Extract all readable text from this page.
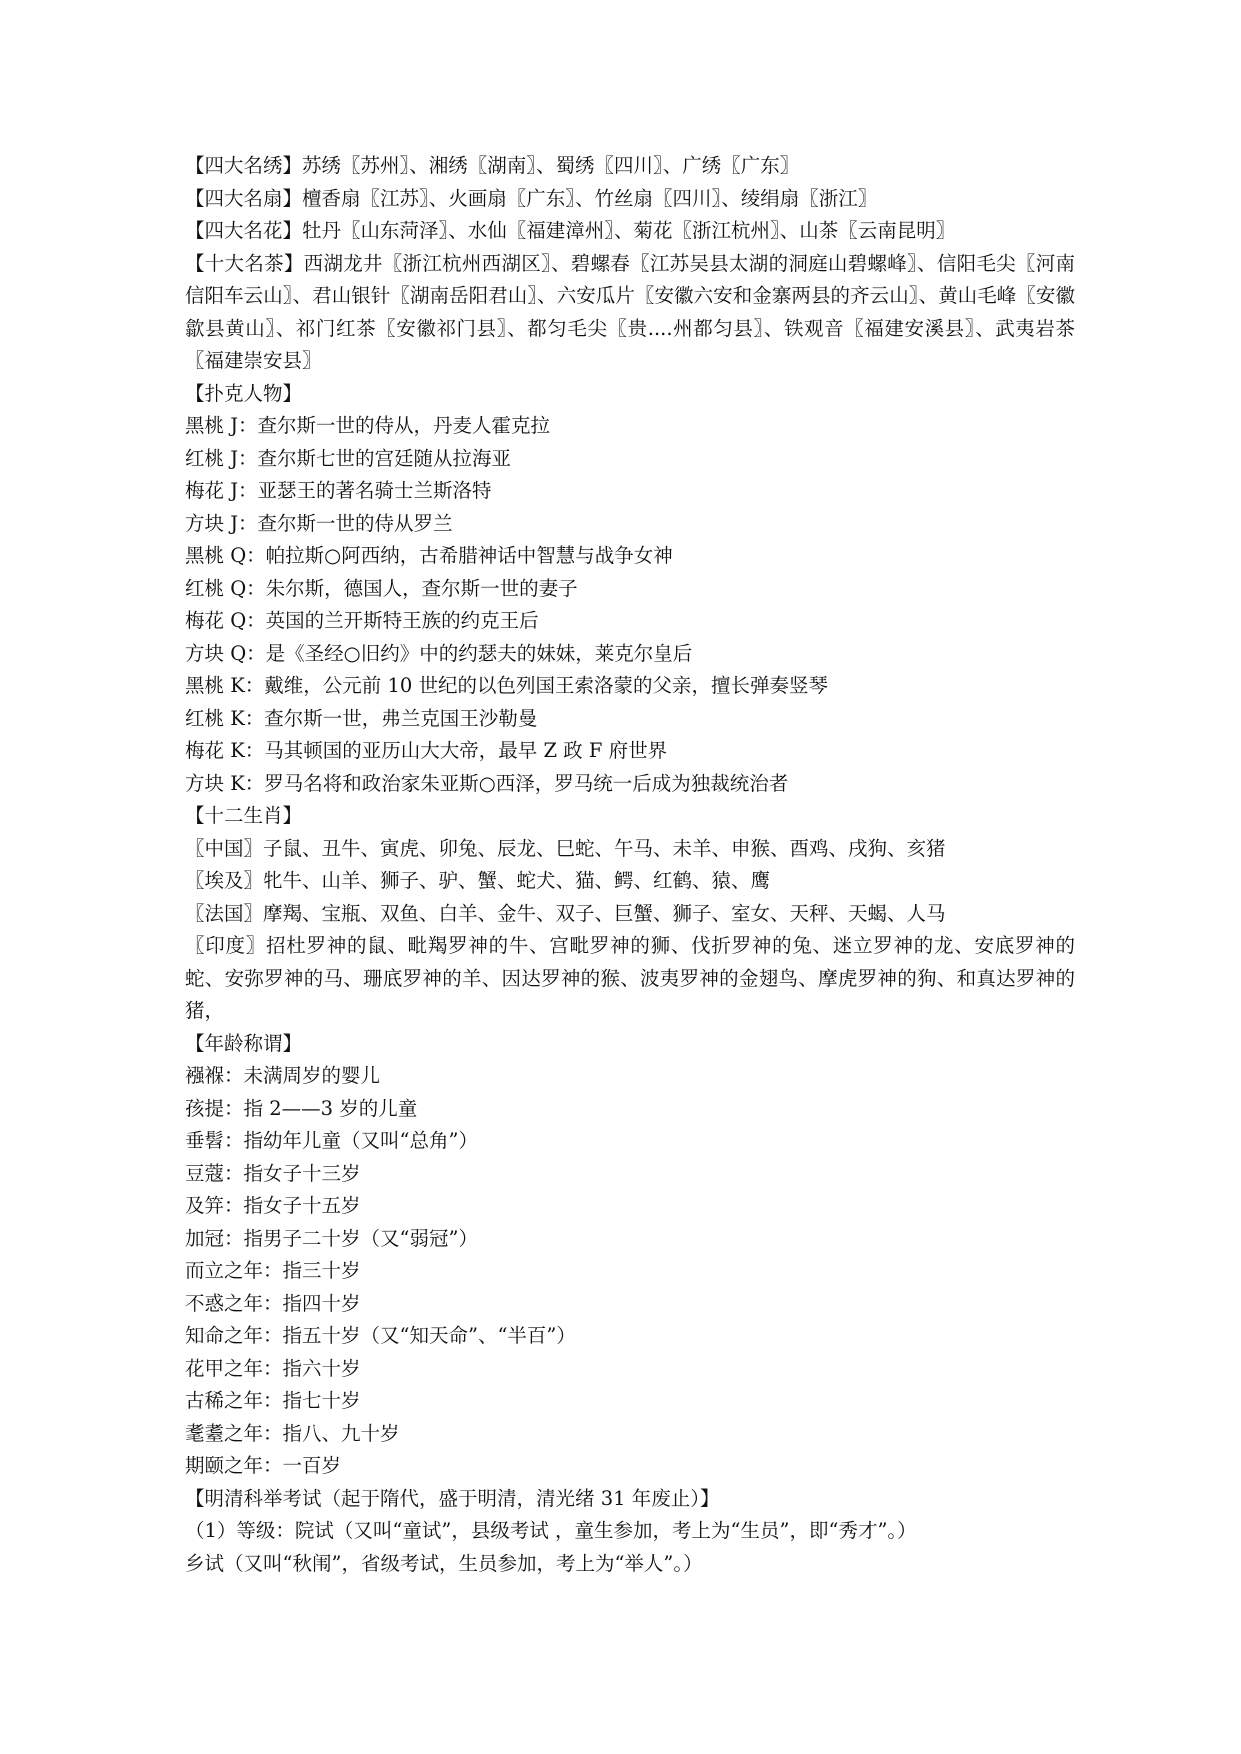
【四大名绣】苏绣〖苏州〗、湘绣〖湖南〗、蜀绣〖四川〗、广绣〖广东〗
【四大名扇】檀香扇〖江苏〗、火画扇〖广东〗、竹丝扇〖四川〗、绫绢扇〖浙江〗
【四大名花】牡丹〖山东菏泽〗、水仙〖福建漳州〗、菊花〖浙江杭州〗、山茶〖云南昆明〗
【十大名茶】西湖龙井〖浙江杭州西湖区〗、碧螺春〖江苏吴县太湖的洞庭山碧螺峰〗、信阳毛尖〖河南信阳车云山〗、君山银针〖湖南岳阳君山〗、六安瓜片〖安徽六安和金寨两县的齐云山〗、黄山毛峰〖安徽歙县黄山〗、祁门红茶〖安徽祁门县〗、都匀毛尖〖贵....州都匀县〗、铁观音〖福建安溪县〗、武夷岩茶〖福建崇安县〗
【扑克人物】
黑桃 J：查尔斯一世的侍从，丹麦人霍克拉
红桃 J：查尔斯七世的宫廷随从拉海亚
梅花 J：亚瑟王的著名骑士兰斯洛特
方块 J：查尔斯一世的侍从罗兰
黑桃 Q：帕拉斯○阿西纳，古希腊神话中智慧与战争女神
红桃 Q：朱尔斯，德国人，查尔斯一世的妻子
梅花 Q：英国的兰开斯特王族的约克王后
方块 Q：是《圣经○旧约》中的约瑟夫的妹妹，莱克尔皇后
黑桃 K：戴维，公元前 10 世纪的以色列国王索洛蒙的父亲，擅长弹奏竖琴
红桃 K：查尔斯一世，弗兰克国王沙勒曼
梅花 K：马其顿国的亚历山大大帝，最早 Z 政 F 府世界
方块 K：罗马名将和政治家朱亚斯○西泽，罗马统一后成为独裁统治者
【十二生肖】
〖中国〗子鼠、丑牛、寅虎、卯兔、辰龙、巳蛇、午马、未羊、申猴、酉鸡、戌狗、亥猪
〖埃及〗牝牛、山羊、狮子、驴、蟹、蛇犬、猫、鳄、红鹤、猿、鹰
〖法国〗摩羯、宝瓶、双鱼、白羊、金牛、双子、巨蟹、狮子、室女、天秤、天蝎、人马
〖印度〗招杜罗神的鼠、毗羯罗神的牛、宫毗罗神的狮、伐折罗神的兔、迷立罗神的龙、安底罗神的蛇、安弥罗神的马、珊底罗神的羊、因达罗神的猴、波夷罗神的金翅鸟、摩虎罗神的狗、和真达罗神的猪，
【年龄称谓】
襁褓：未满周岁的婴儿
孩提：指 2——3 岁的儿童
垂髫：指幼年儿童（又叫“总角”）
豆蔻：指女子十三岁
及笄：指女子十五岁
加冠：指男子二十岁（又“弱冠”）
而立之年：指三十岁
不惑之年：指四十岁
知命之年：指五十岁（又“知天命”、“半百”）
花甲之年：指六十岁
古稀之年：指七十岁
耄耋之年：指八、九十岁
期颐之年：一百岁
【明清科举考试（起于隋代，盛于明清，清光绪 31 年废止）】
（1）等级：院试（又叫“童试”，县级考试 ，童生参加，考上为“生员”，即“秀才”。）
乡试（又叫“秋闱”，省级考试，生员参加，考上为“举人”。）
